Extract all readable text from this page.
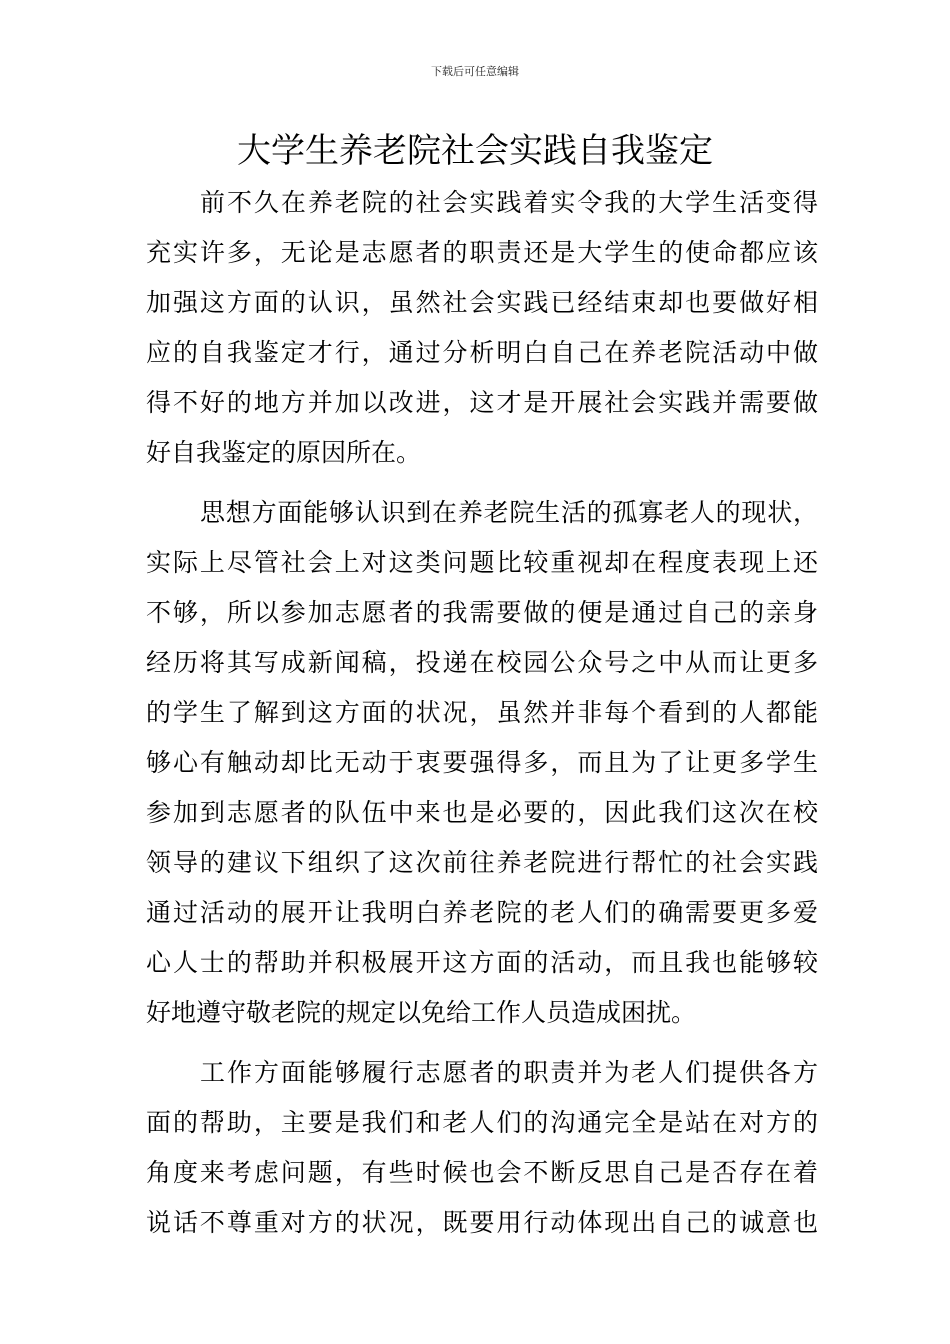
下载后可任意编辑
大学生养老院社会实践自我鉴定
前不久在养老院的社会实践着实令我的大学生活变得
充实许多，无论是志愿者的职责还是大学生的使命都应该
加强这方面的认识，虽然社会实践已经结束却也要做好相
应的自我鉴定才行，通过分析明白自己在养老院活动中做
得不好的地方并加以改进，这才是开展社会实践并需要做
好自我鉴定的原因所在。
思想方面能够认识到在养老院生活的孤寡老人的现状，
实际上尽管社会上对这类问题比较重视却在程度表现上还
不够，所以参加志愿者的我需要做的便是通过自己的亲身
经历将其写成新闻稿，投递在校园公众号之中从而让更多
的学生了解到这方面的状况，虽然并非每个看到的人都能
够心有触动却比无动于衷要强得多，而且为了让更多学生
参加到志愿者的队伍中来也是必要的，因此我们这次在校
领导的建议下组织了这次前往养老院进行帮忙的社会实践
通过活动的展开让我明白养老院的老人们的确需要更多爱
心人士的帮助并积极展开这方面的活动，而且我也能够较
好地遵守敬老院的规定以免给工作人员造成困扰。
工作方面能够履行志愿者的职责并为老人们提供各方
面的帮助，主要是我们和老人们的沟通完全是站在对方的
角度来考虑问题，有些时候也会不断反思自己是否存在着
说话不尊重对方的状况，既要用行动体现出自己的诚意也
